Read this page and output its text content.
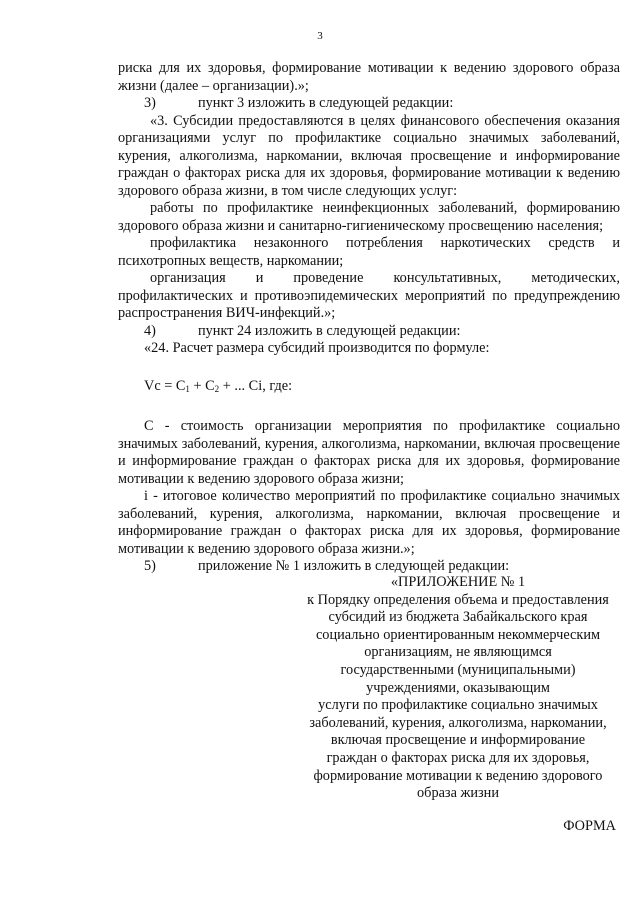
3

риска для их здоровья, формирование мотивации к ведению здорового образа жизни (далее – организации).»;

3)	пункт 3 изложить в следующей редакции:

«3. Субсидии предоставляются в целях финансового обеспечения оказания организациями услуг по профилактике социально значимых заболеваний, курения, алкоголизма, наркомании, включая просвещение и информирование граждан о факторах риска для их здоровья, формирование мотивации к ведению здорового образа жизни, в том числе следующих услуг:

работы по профилактике неинфекционных заболеваний, формированию здорового образа жизни и санитарно-гигиеническому просвещению населения;

профилактика незаконного потребления наркотических средств и психотропных веществ, наркомании;

организация и проведение консультативных, методических, профилактических и противоэпидемических мероприятий по предупреждению распространения ВИЧ-инфекций.»;

4)	пункт 24 изложить в следующей редакции:

«24. Расчет размера субсидий производится по формуле:

$Vc = C_1 + C_2$ + ... Ci, где:

С - стоимость организации мероприятия по профилактике социально значимых заболеваний, курения, алкоголизма, наркомании, включая просвещение и информирование граждан о факторах риска для их здоровья, формирование мотивации к ведению здорового образа жизни;

i - итоговое количество мероприятий по профилактике социально значимых заболеваний, курения, алкоголизма, наркомании, включая просвещение и информирование граждан о факторах риска для их здоровья, формирование мотивации к ведению здорового образа жизни.»;

5)	приложение № 1 изложить в следующей редакции:

«ПРИЛОЖЕНИЕ № 1

к Порядку определения объема и предоставления

субсидий из бюджета Забайкальского края

социально ориентированным некоммерческим

организациям, не являющимся

государственными (муниципальными)

учреждениями, оказывающим

услуги по профилактике социально значимых

заболеваний, курения, алкоголизма, наркомании,

включая просвещение и информирование

граждан о факторах риска для их здоровья,

формирование мотивации к ведению здорового

образа жизни

ФОРМА
